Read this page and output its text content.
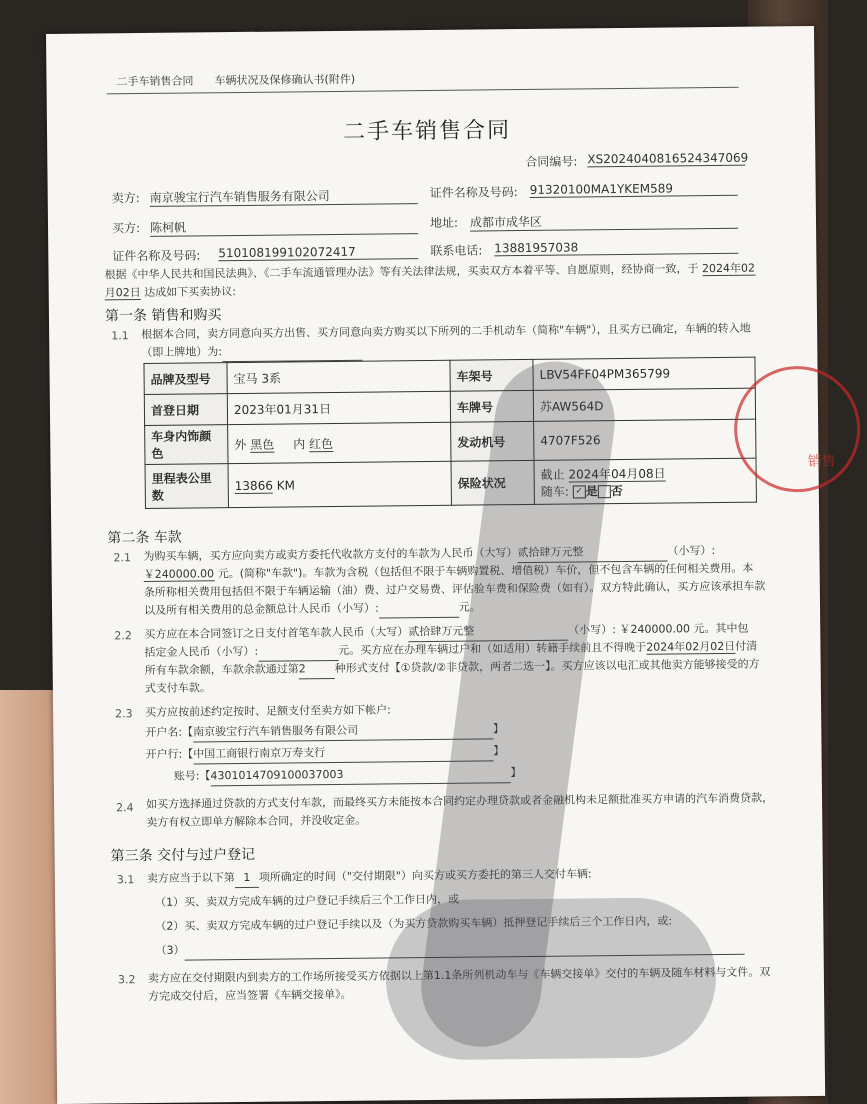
二手车销售合同 车辆状况及保修确认书(附件)
二手车销售合同
合同编号: XS2024040816524347069
卖方: 南京骏宝行汽车销售服务有限公司	证件名称及号码: 91320100MA1YKEM589
买方: 陈柯帆	地址: 成都市成华区
证件名称及号码: 510108199102072417	联系电话: 13881957038
根据《中华人民共和国民法典》、《二手车流通管理办法》等有关法律法规，买卖双方本着平等、自愿原则，经协商一致，于 2024年02
月02日 达成如下买卖协议:
第一条 销售和购买
1.1 根据本合同，卖方同意向买方出售、买方同意向卖方购买以下所列的二手机动车（简称"车辆"），且买方已确定，车辆的转入地
（即上牌地）为:
品牌及型号	宝马 3系	车架号	LBV54FF04PM365799
首登日期	2023年01月31日	车牌号	苏AW564D
车身内饰颜色	外 黑色 内 红色	发动机号	4707F526
里程表公里数	13866 KM	保险状况	截止 2024年04月08日
随车: ✓ 是 否
第二条 车款
2.1 为购买车辆，买方应向卖方或卖方委托代收款方支付的车款为人民币（大写）贰拾肆万元整	（小写）:
￥240000.00 元。(简称"车款")。车款为含税（包括但不限于车辆购置税、增值税）车价，但不包含车辆的任何相关费用。本
条所称相关费用包括但不限于车辆运输（油）费、过户交易费、评估验车费和保险费（如有）。双方特此确认，买方应该承担车款
以及所有相关费用的总金额总计人民币（小写）:	元。
2.2 买方应在本合同签订之日支付首笔车款人民币（大写）贰拾肆万元整	（小写）: ￥240000.00 元。其中包
括定金人民币（小写）:	元。买方应在办理车辆过户和（如适用）转籍手续前且不得晚于2024年02月02日付清
所有车款余额，车款余款通过第2	种形式支付【①贷款/②非贷款，两者二选一】。买方应该以电汇或其他卖方能够接受的方
式支付车款。
2.3 买方应按前述约定按时、足额支付至卖方如下帐户:
开户名:【南京骏宝行汽车销售服务有限公司	】
开户行:【中国工商银行南京万寿支行	】
账号:【4301014709100037003	】
2.4 如买方选择通过贷款的方式支付车款，而最终买方未能按本合同约定办理贷款或者金融机构未足额批准买方申请的汽车消费贷款，
卖方有权立即单方解除本合同，并没收定金。
第三条 交付与过户登记
3.1 卖方应当于以下第 1 项所确定的时间（"交付期限"）向买方或买方委托的第三人交付车辆:
（1）买、卖双方完成车辆的过户登记手续后三个工作日内，或
（2）买、卖双方完成车辆的过户登记手续以及（为买方贷款购买车辆）抵押登记手续后三个工作日内，或:
（3）
3.2 卖方应在交付期限内到卖方的工作场所接受买方依据以上第1.1条所列机动车与《车辆交接单》交付的车辆及随车材料与文件。双
方完成交付后，应当签署《车辆交接单》。
销售
